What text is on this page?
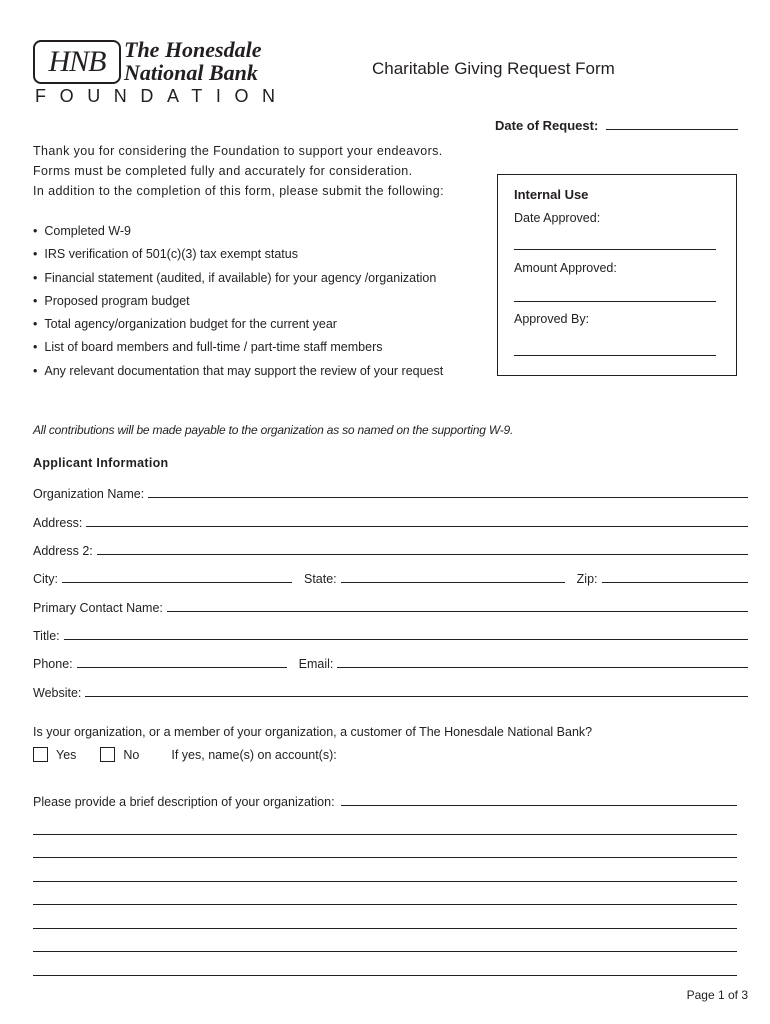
HNB The Honesdale
National Bank
FOUNDATION
Charitable Giving Request Form
Date of Request:
Thank you for considering the Foundation to support your endeavors.
Forms must be completed fully and accurately for consideration.
In addition to the completion of this form, please submit the following:
• Completed W-9
• IRS verification of 501(c)(3) tax exempt status
• Financial statement (audited, if available) for your agency /organization
• Proposed program budget
• Total agency/organization budget for the current year
• List of board members and full-time / part-time staff members
• Any relevant documentation that may support the review of your request
Internal Use
Date Approved:
Amount Approved:
Approved By:
All contributions will be made payable to the organization as so named on the supporting W-9.
Applicant Information
Organization Name:
Address:
Address 2:
City:	State:	Zip:
Primary Contact Name:
Title:
Phone:	Email:
Website:
Is your organization, or a member of your organization, a customer of The Honesdale National Bank?
Yes	No	If yes, name(s) on account(s):
Please provide a brief description of your organization:
Page 1 of 3
